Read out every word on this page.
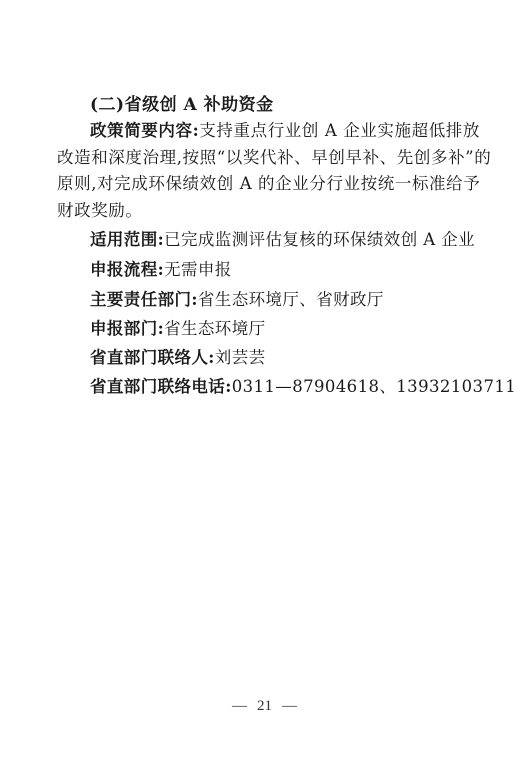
(二)省级创 A 补助资金
政策简要内容:支持重点行业创 A 企业实施超低排放
改造和深度治理,按照“以奖代补、早创早补、先创多补”的
原则,对完成环保绩效创 A 的企业分行业按统一标准给予
财政奖励。
适用范围:已完成监测评估复核的环保绩效创 A 企业
申报流程:无需申报
主要责任部门:省生态环境厅、省财政厅
申报部门:省生态环境厅
省直部门联络人:刘芸芸
省直部门联络电话:0311—87904618、13932103711
— 21 —
